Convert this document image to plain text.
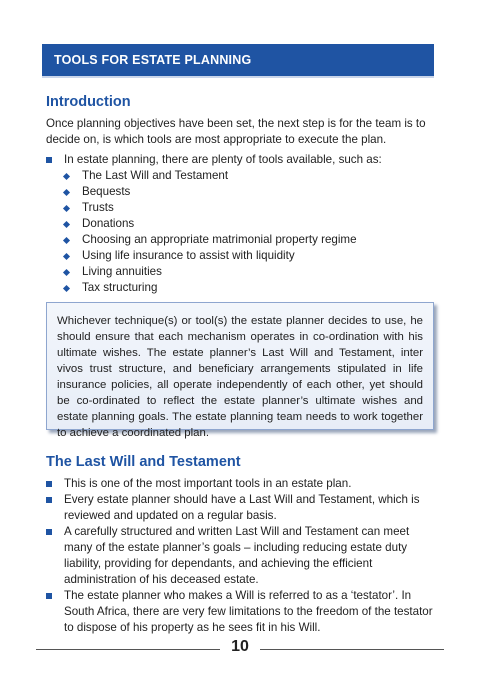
TOOLS FOR ESTATE PLANNING
Introduction

Once planning objectives have been set, the next step is for the team is to decide on, is which tools are most appropriate to execute the plan.

In estate planning, there are plenty of tools available, such as:
The Last Will and Testament
Bequests
Trusts
Donations
Choosing an appropriate matrimonial property regime
Using life insurance to assist with liquidity
Living annuities
Tax structuring

Whichever technique(s) or tool(s) the estate planner decides to use, he should ensure that each mechanism operates in co-ordination with his ultimate wishes. The estate planner’s Last Will and Testament, inter vivos trust structure, and beneficiary arrangements stipulated in life insurance policies, all operate independently of each other, yet should be co-ordinated to reflect the estate planner’s ultimate wishes and estate planning goals. The estate planning team needs to work together to achieve a coordinated plan.

The Last Will and Testament
This is one of the most important tools in an estate plan.
Every estate planner should have a Last Will and Testament, which is reviewed and updated on a regular basis.
A carefully structured and written Last Will and Testament can meet many of the estate planner’s goals – including reducing estate duty liability, providing for dependants, and achieving the efficient administration of his deceased estate.
The estate planner who makes a Will is referred to as a ‘testator’. In South Africa, there are very few limitations to the freedom of the testator to dispose of his property as he sees fit in his Will.
10
